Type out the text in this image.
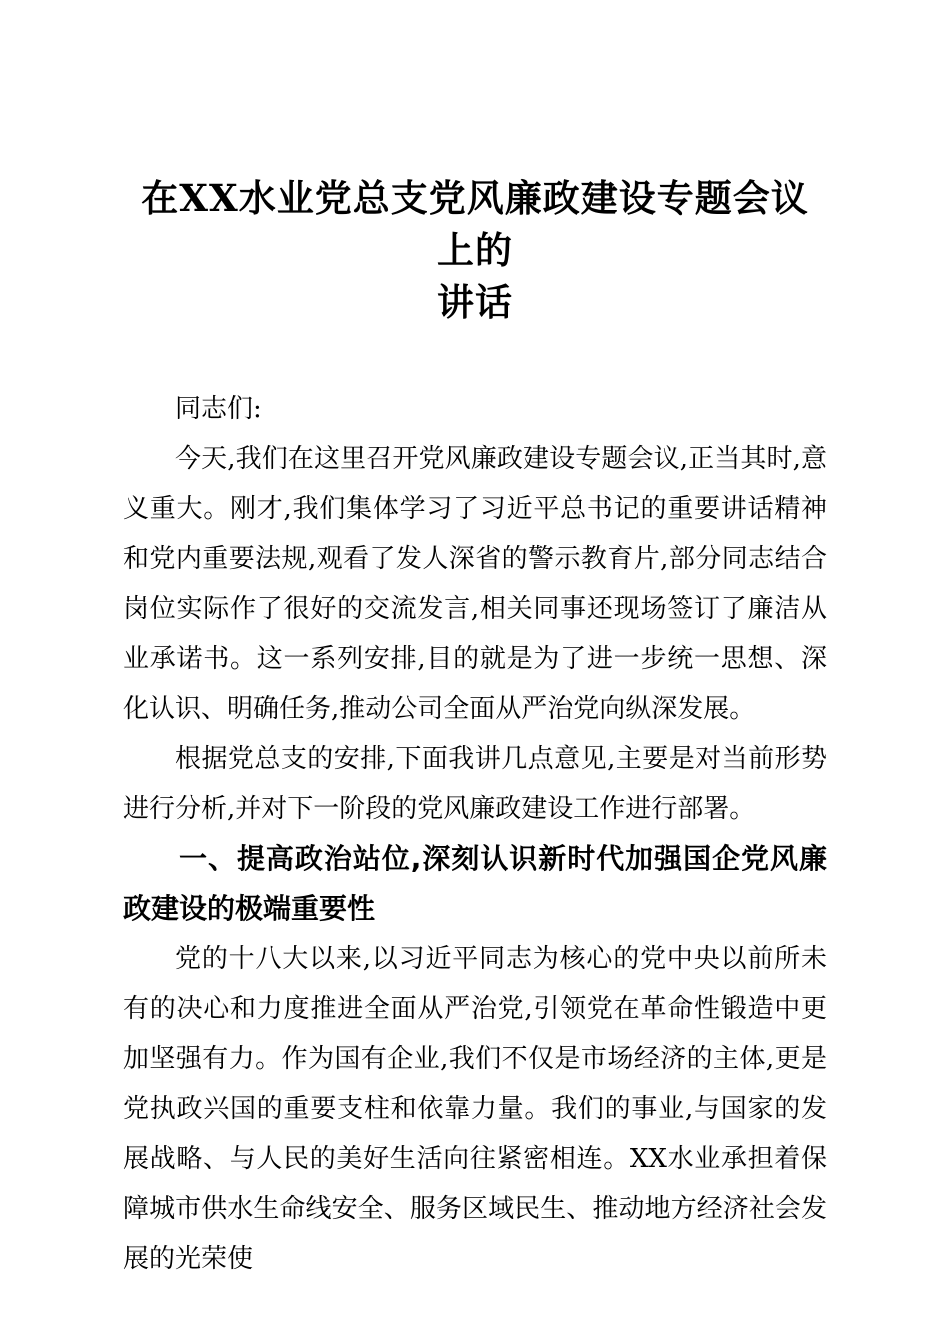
在XX水业党总支党风廉政建设专题会议上的
讲话

同志们:

今天,我们在这里召开党风廉政建设专题会议,正当其时,意义重大。刚才,我们集体学习了习近平总书记的重要讲话精神和党内重要法规,观看了发人深省的警示教育片,部分同志结合岗位实际作了很好的交流发言,相关同事还现场签订了廉洁从业承诺书。这一系列安排,目的就是为了进一步统一思想、深化认识、明确任务,推动公司全面从严治党向纵深发展。

根据党总支的安排,下面我讲几点意见,主要是对当前形势进行分析,并对下一阶段的党风廉政建设工作进行部署。

一、提高政治站位,深刻认识新时代加强国企党风廉政建设的极端重要性

党的十八大以来,以习近平同志为核心的党中央以前所未有的决心和力度推进全面从严治党,引领党在革命性锻造中更加坚强有力。作为国有企业,我们不仅是市场经济的主体,更是党执政兴国的重要支柱和依靠力量。我们的事业,与国家的发展战略、与人民的美好生活向往紧密相连。XX水业承担着保障城市供水生命线安全、服务区域民生、推动地方经济社会发展的光荣使
